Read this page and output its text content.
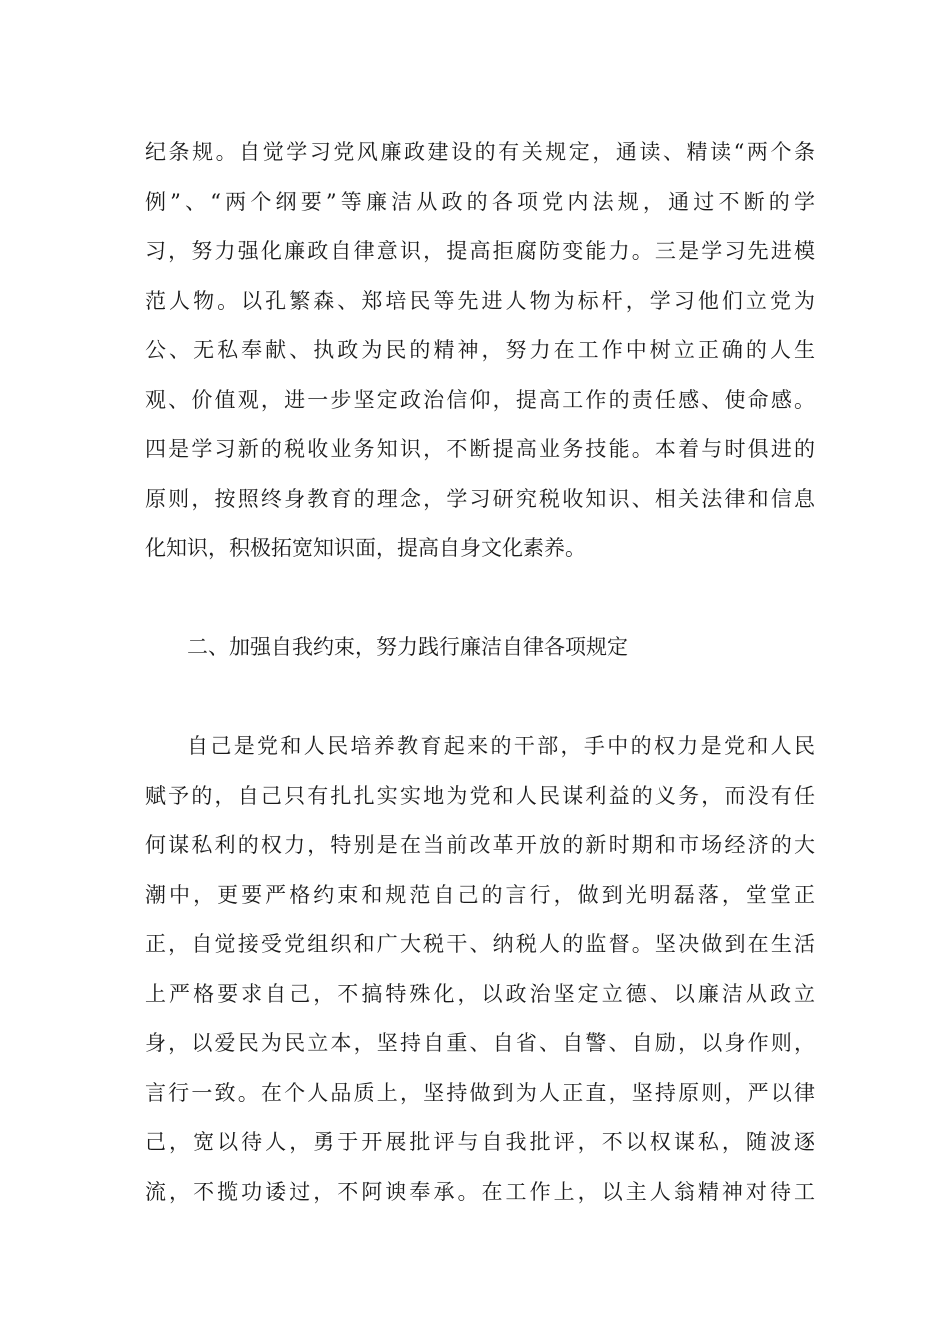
纪条规。自觉学习党风廉政建设的有关规定，通读、精读“两个条
例”、“两个纲要”等廉洁从政的各项党内法规，通过不断的学
习，努力强化廉政自律意识，提高拒腐防变能力。三是学习先进模
范人物。以孔繁森、郑培民等先进人物为标杆，学习他们立党为
公、无私奉献、执政为民的精神，努力在工作中树立正确的人生
观、价值观，进一步坚定政治信仰，提高工作的责任感、使命感。
四是学习新的税收业务知识，不断提高业务技能。本着与时俱进的
原则，按照终身教育的理念，学习研究税收知识、相关法律和信息
化知识，积极拓宽知识面，提高自身文化素养。
二、加强自我约束，努力践行廉洁自律各项规定
自己是党和人民培养教育起来的干部，手中的权力是党和人民
赋予的，自己只有扎扎实实地为党和人民谋利益的义务，而没有任
何谋私利的权力，特别是在当前改革开放的新时期和市场经济的大
潮中，更要严格约束和规范自己的言行，做到光明磊落，堂堂正
正，自觉接受党组织和广大税干、纳税人的监督。坚决做到在生活
上严格要求自己，不搞特殊化，以政治坚定立德、以廉洁从政立
身，以爱民为民立本，坚持自重、自省、自警、自励，以身作则，
言行一致。在个人品质上，坚持做到为人正直，坚持原则，严以律
己，宽以待人，勇于开展批评与自我批评，不以权谋私，随波逐
流，不揽功诿过，不阿谀奉承。在工作上，以主人翁精神对待工
